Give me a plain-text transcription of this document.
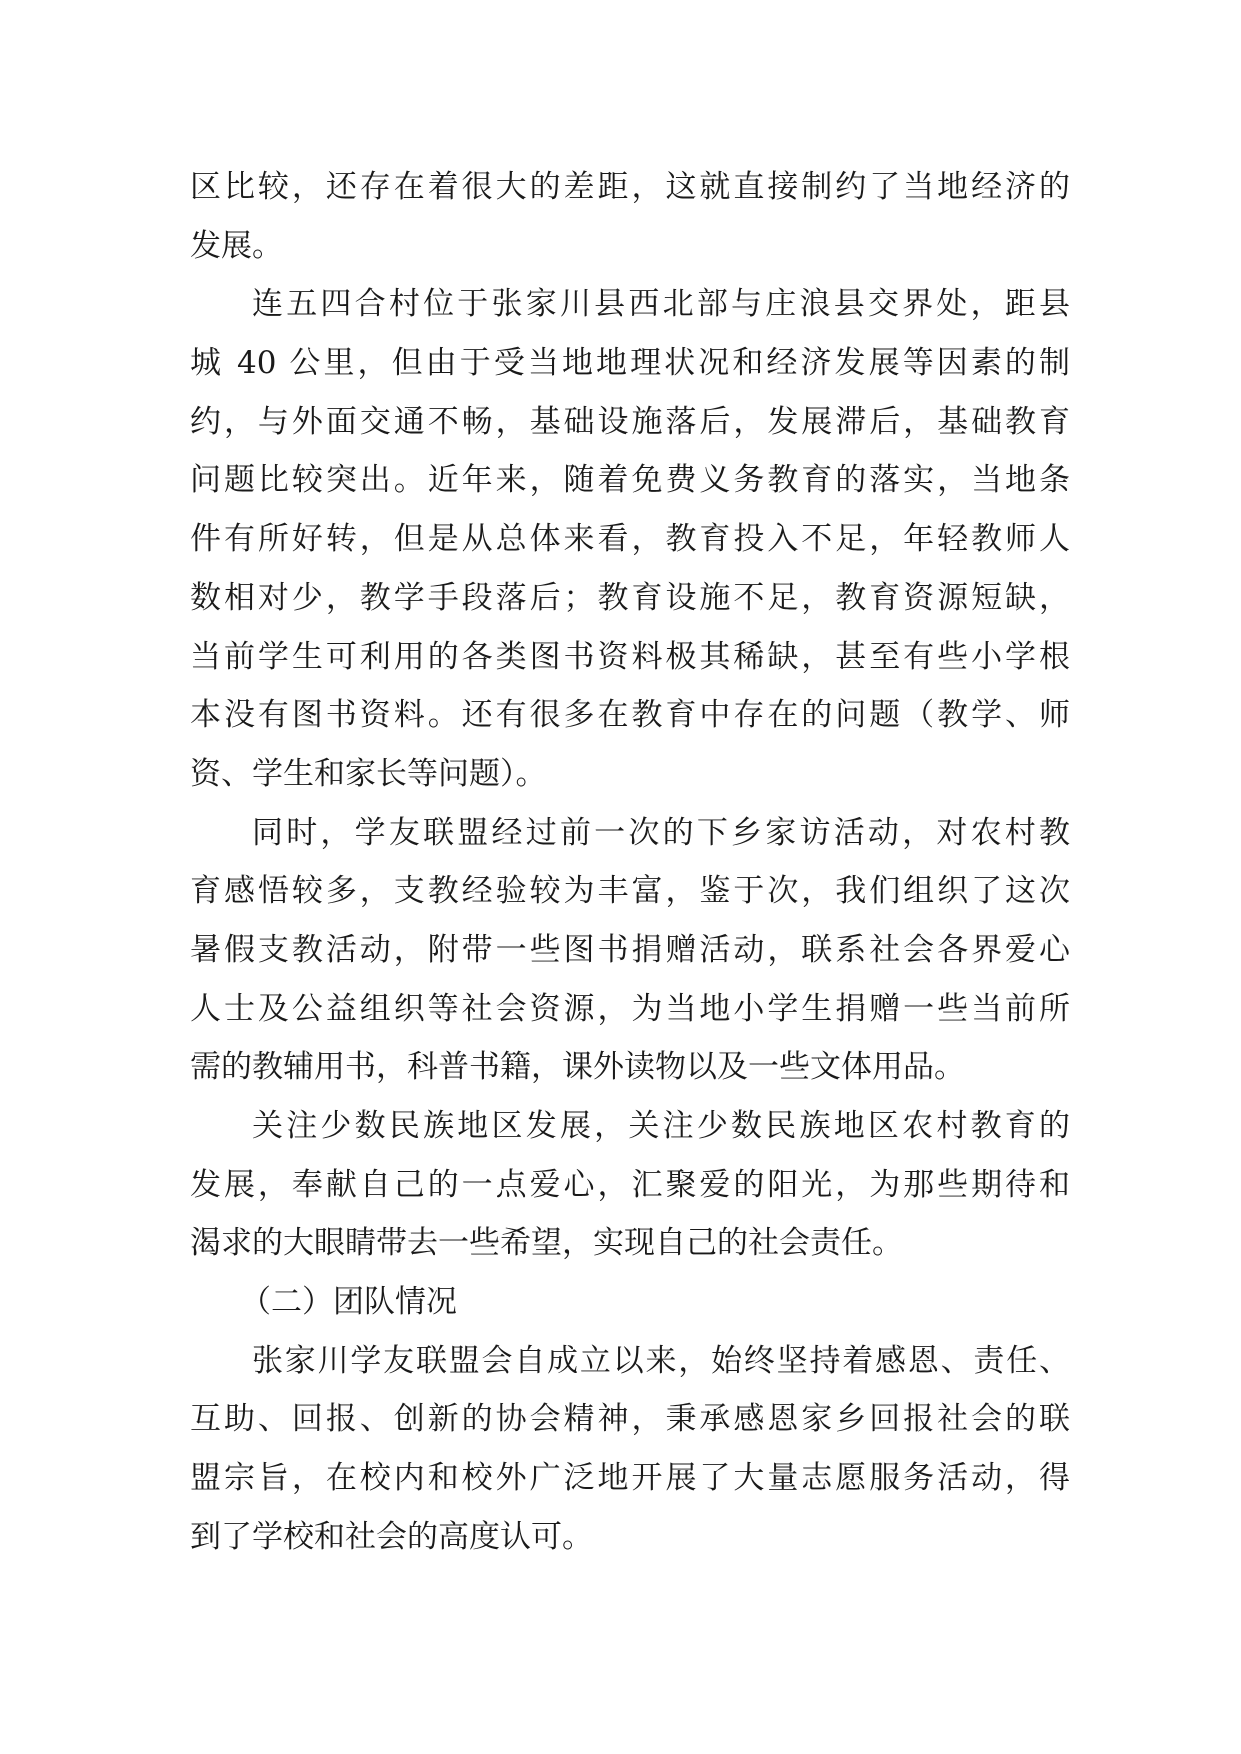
区比较，还存在着很大的差距，这就直接制约了当地经济的
发展。
连五四合村位于张家川县西北部与庄浪县交界处，距县
城 40 公里，但由于受当地地理状况和经济发展等因素的制
约，与外面交通不畅，基础设施落后，发展滞后，基础教育
问题比较突出。近年来，随着免费义务教育的落实，当地条
件有所好转，但是从总体来看，教育投入不足，年轻教师人
数相对少，教学手段落后；教育设施不足，教育资源短缺，
当前学生可利用的各类图书资料极其稀缺，甚至有些小学根
本没有图书资料。还有很多在教育中存在的问题（教学、师
资、学生和家长等问题）。
同时，学友联盟经过前一次的下乡家访活动，对农村教
育感悟较多，支教经验较为丰富，鉴于次，我们组织了这次
暑假支教活动，附带一些图书捐赠活动，联系社会各界爱心
人士及公益组织等社会资源，为当地小学生捐赠一些当前所
需的教辅用书，科普书籍，课外读物以及一些文体用品。
关注少数民族地区发展，关注少数民族地区农村教育的
发展，奉献自己的一点爱心，汇聚爱的阳光，为那些期待和
渴求的大眼睛带去一些希望，实现自己的社会责任。
（二）团队情况
张家川学友联盟会自成立以来，始终坚持着感恩、责任、
互助、回报、创新的协会精神，秉承感恩家乡回报社会的联
盟宗旨，在校内和校外广泛地开展了大量志愿服务活动，得
到了学校和社会的高度认可。
